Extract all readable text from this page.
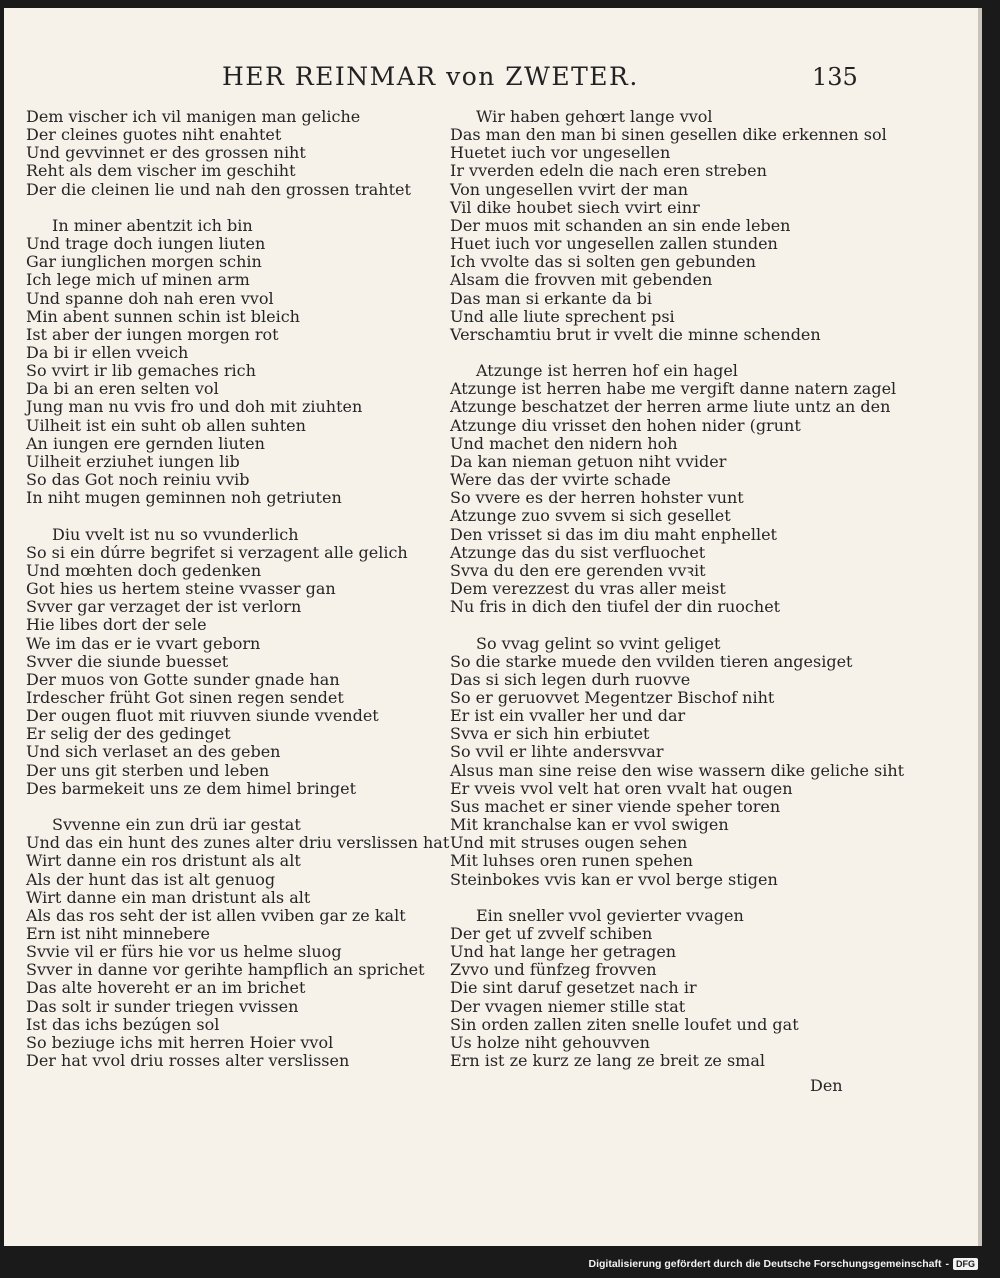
HER REINMAR von ZWETER.	135
Dem vischer ich vil manigen man geliche
Der cleines guotes niht enahtet
Und gevvinnet er des grossen niht
Reht als dem vischer im geschiht
Der die cleinen lie und nah den grossen trahtet
In miner abentzit ich bin
Und trage doch iungen liuten
Gar iunglichen morgen schin
Ich lege mich uf minen arm
Und spanne doh nah eren vvol
Min abent sunnen schin ist bleich
Ist aber der iungen morgen rot
Da bi ir ellen vveich
So vvirt ir lib gemaches rich
Da bi an eren selten vol
Jung man nu vvis fro und doh mit ziuhten
Uilheit ist ein suht ob allen suhten
An iungen ere gernden liuten
Uilheit erziuhet iungen lib
So das Got noch reiniu vvib
In niht mugen geminnen noh getriuten
Diu vvelt ist nu so vvunderlich
So si ein dúrre begrifet si verzagent alle gelich
Und mœhten doch gedenken
Got hies us hertem steine vvasser gan
Svver gar verzaget der ist verlorn
Hie libes dort der sele
We im das er ie vvart geborn
Svver die siunde buesset
Der muos von Gotte sunder gnade han
Irdescher früht Got sinen regen sendet
Der ougen fluot mit riuvven siunde vvendet
Er selig der des gedinget
Und sich verlaset an des geben
Der uns git sterben und leben
Des barmekeit uns ze dem himel bringet
Svvenne ein zun drü iar gestat
Und das ein hunt des zunes alter driu verslissen hat
Wirt danne ein ros dristunt als alt
Als der hunt das ist alt genuog
Wirt danne ein man dristunt als alt
Als das ros seht der ist allen vviben gar ze kalt
Ern ist niht minnebere
Svvie vil er fürs hie vor us helme sluog
Svver in danne vor gerihte hampflich an sprichet
Das alte hovereht er an im brichet
Das solt ir sunder triegen vvissen
Ist das ichs bezúgen sol
So beziuge ichs mit herren Hoier vvol
Der hat vvol driu rosses alter verslissen
Wir haben gehœrt lange vvol
Das man den man bi sinen gesellen dike erkennen sol
Huetet iuch vor ungesellen
Ir vverden edeln die nach eren streben
Von ungesellen vvirt der man
Vil dike houbet siech vvirt einr
Der muos mit schanden an sin ende leben
Huet iuch vor ungesellen zallen stunden
Ich vvolte das si solten gen gebunden
Alsam die frovven mit gebenden
Das man si erkante da bi
Und alle liute sprechent psi
Verschamtiu brut ir vvelt die minne schenden
Atzunge ist herren hof ein hagel
Atzunge ist herren habe me vergift danne natern zagel
Atzunge beschatzet der herren arme liute untz an den
Atzunge diu vrisset den hohen nider (grunt
Und machet den nidern hoh
Da kan nieman getuon niht vvider
Were das der vvirte schade
So vvere es der herren hohster vunt
Atzunge zuo svvem si sich gesellet
Den vrisset si das im diu maht enphellet
Atzunge das du sist verfluochet
Svva du den ere gerenden vvꝛit
Dem verezzest du vras aller meist
Nu fris in dich den tiufel der din ruochet
So vvag gelint so vvint geliget
So die starke muede den vvilden tieren angesiget
Das si sich legen durh ruovve
So er geruovvet Megentzer Bischof niht
Er ist ein vvaller her und dar
Svva er sich hin erbiutet
So vvil er lihte andersvvar
Alsus man sine reise den wise wassern dike geliche siht
Er vveis vvol velt hat oren vvalt hat ougen
Sus machet er siner viende speher toren
Mit kranchalse kan er vvol swigen
Und mit struses ougen sehen
Mit luhses oren runen spehen
Steinbokes vvis kan er vvol berge stigen
Ein sneller vvol gevierter vvagen
Der get uf zvvelf schiben
Und hat lange her getragen
Zvvo und fünfzeg frovven
Die sint daruf gesetzet nach ir
Der vvagen niemer stille stat
Sin orden zallen ziten snelle loufet und gat
Us holze niht gehouvven
Ern ist ze kurz ze lang ze breit ze smal
Den
Digitalisierung gefördert durch die Deutsche Forschungsgemeinschaft - DFG
